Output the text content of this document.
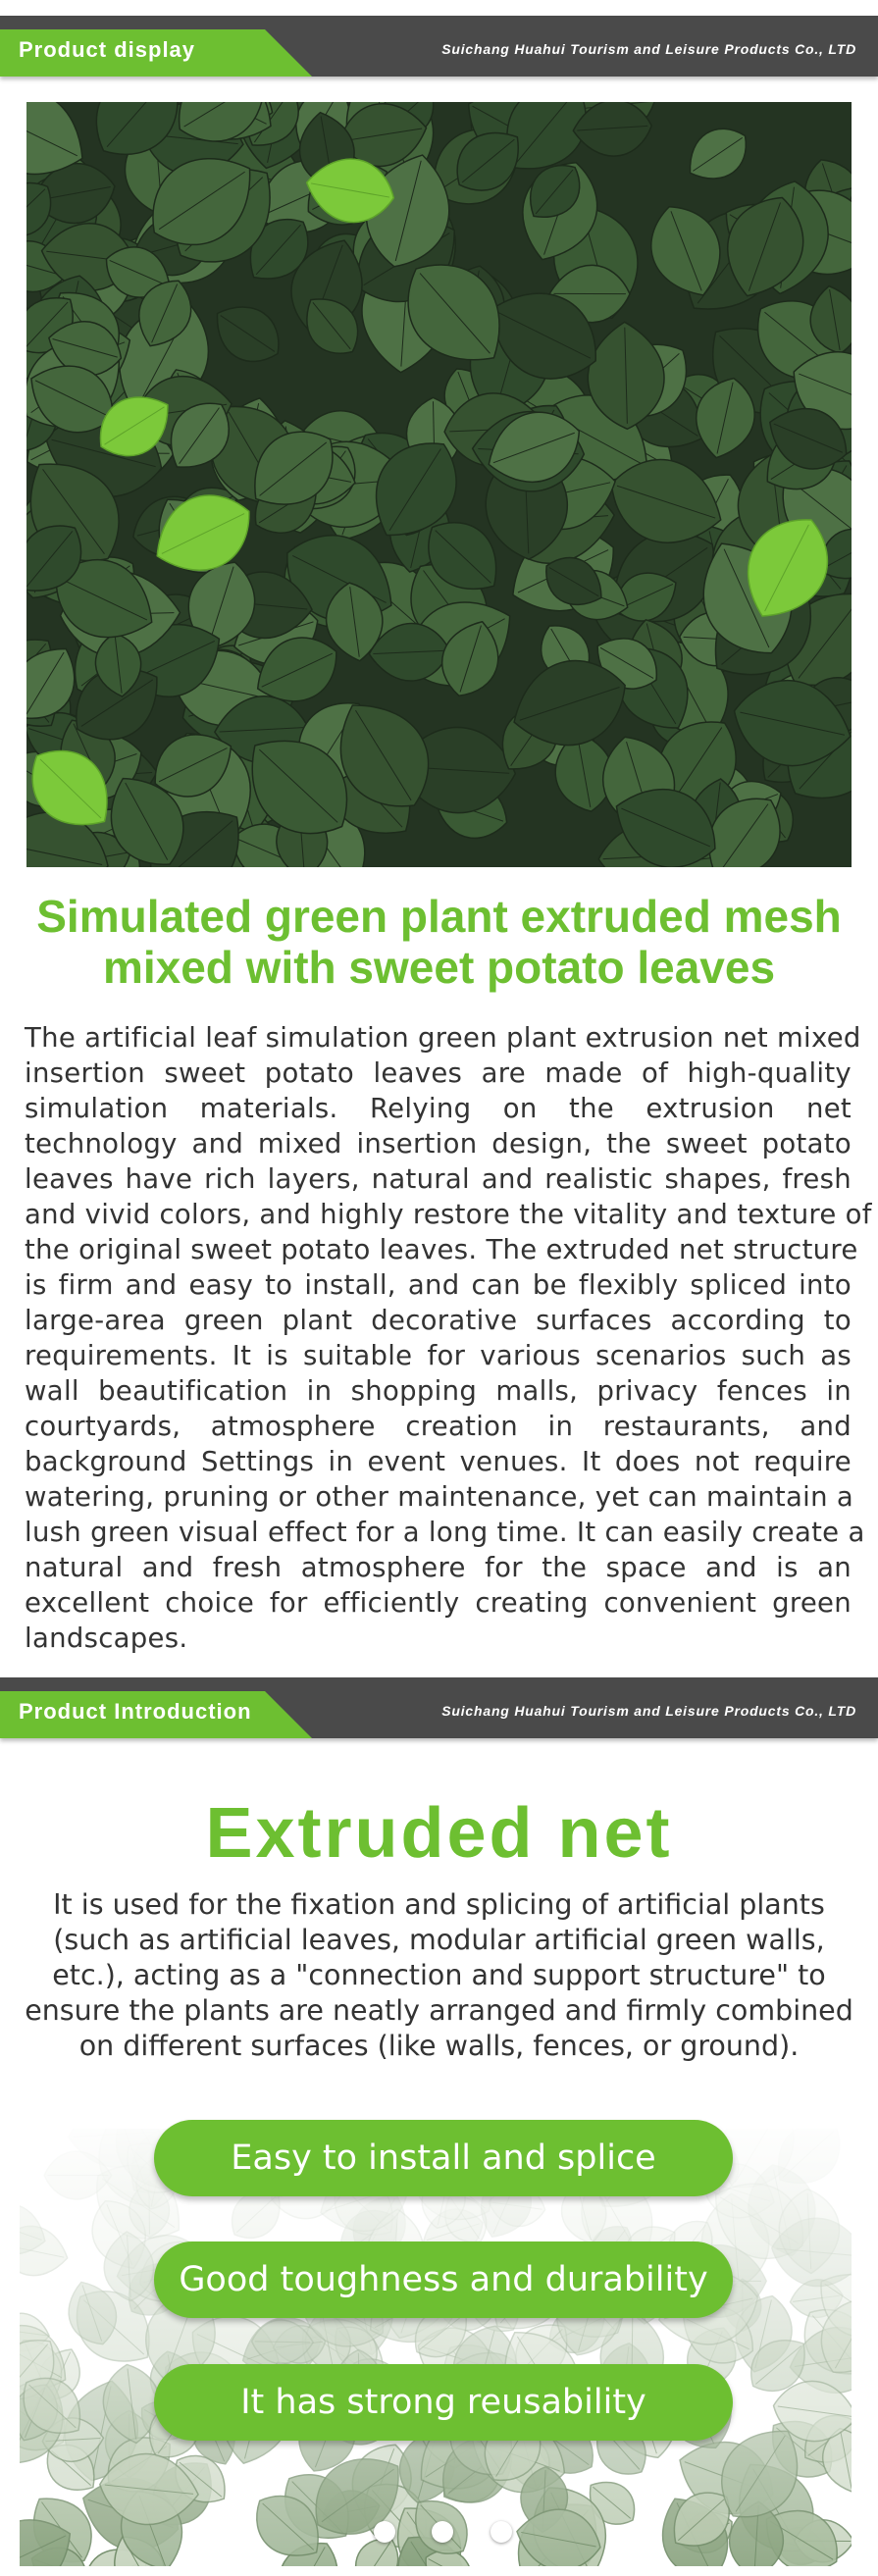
Product display	Suichang Huahui Tourism and Leisure Products Co., LTD
Simulated green plant extruded mesh
mixed with sweet potato leaves
The artificial leaf simulation green plant extrusion net mixed
insertion sweet potato leaves are made of high-quality
simulation materials. Relying on the extrusion net
technology and mixed insertion design, the sweet potato
leaves have rich layers, natural and realistic shapes, fresh
and vivid colors, and highly restore the vitality and texture of
the original sweet potato leaves. The extruded net structure
is firm and easy to install, and can be flexibly spliced into
large-area green plant decorative surfaces according to
requirements. It is suitable for various scenarios such as
wall beautification in shopping malls, privacy fences in
courtyards, atmosphere creation in restaurants, and
background Settings in event venues. It does not require
watering, pruning or other maintenance, yet can maintain a
lush green visual effect for a long time. It can easily create a
natural and fresh atmosphere for the space and is an
excellent choice for efficiently creating convenient green
landscapes.
Product Introduction	Suichang Huahui Tourism and Leisure Products Co., LTD
Extruded net
It is used for the fixation and splicing of artificial plants
(such as artificial leaves, modular artificial green walls,
etc.), acting as a "connection and support structure" to
ensure the plants are neatly arranged and firmly combined
on different surfaces (like walls, fences, or ground).
Easy to install and splice
Good toughness and durability
It has strong reusability
